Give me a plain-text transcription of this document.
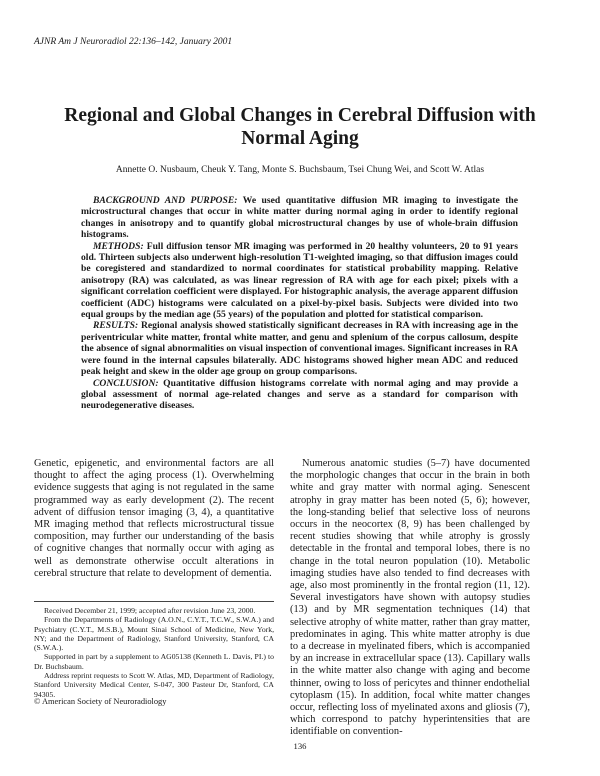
AJNR Am J Neuroradiol 22:136–142, January 2001
Regional and Global Changes in Cerebral Diffusion with
Normal Aging
Annette O. Nusbaum, Cheuk Y. Tang, Monte S. Buchsbaum, Tsei Chung Wei, and Scott W. Atlas

BACKGROUND AND PURPOSE: We used quantitative diffusion MR imaging to investigate the microstructural changes that occur in white matter during normal aging in order to identify regional changes in anisotropy and to quantify global microstructural changes by use of whole-brain diffusion histograms.

METHODS: Full diffusion tensor MR imaging was performed in 20 healthy volunteers, 20 to 91 years old. Thirteen subjects also underwent high-resolution T1-weighted imaging, so that diffusion images could be coregistered and standardized to normal coordinates for statistical probability mapping. Relative anisotropy (RA) was calculated, as was linear regression of RA with age for each pixel; pixels with a significant correlation coefficient were displayed. For histographic analysis, the average apparent diffusion coefficient (ADC) histograms were calculated on a pixel-by-pixel basis. Subjects were divided into two equal groups by the median age (55 years) of the population and plotted for statistical comparison.

RESULTS: Regional analysis showed statistically significant decreases in RA with increasing age in the periventricular white matter, frontal white matter, and genu and splenium of the corpus callosum, despite the absence of signal abnormalities on visual inspection of conventional images. Significant increases in RA were found in the internal capsules bilaterally. ADC histograms showed higher mean ADC and reduced peak height and skew in the older age group on group comparisons.

CONCLUSION: Quantitative diffusion histograms correlate with normal aging and may provide a global assessment of normal age-related changes and serve as a standard for comparison with neurodegenerative diseases.

Genetic, epigenetic, and environmental factors are all thought to affect the aging process (1). Overwhelming evidence suggests that aging is not regulated in the same programmed way as early development (2). The recent advent of diffusion tensor imaging (3, 4), a quantitative MR imaging method that reflects microstructural tissue composition, may further our understanding of the basis of cognitive changes that normally occur with aging as well as demonstrate otherwise occult alterations in cerebral structure that relate to development of dementia.

Numerous anatomic studies (5–7) have documented the morphologic changes that occur in the brain in both white and gray matter with normal aging. Senescent atrophy in gray matter has been noted (5, 6); however, the long-standing belief that selective loss of neurons occurs in the neocortex (8, 9) has been challenged by recent studies showing that while atrophy is grossly detectable in the frontal and temporal lobes, there is no change in the total neuron population (10). Metabolic imaging studies have also tended to find decreases with age, also most prominently in the frontal region (11, 12). Several investigators have shown with autopsy studies (13) and by MR segmentation techniques (14) that selective atrophy of white matter, rather than gray matter, predominates in aging. This white matter atrophy is due to a decrease in myelinated fibers, which is accompanied by an increase in extracellular space (13). Capillary walls in the white matter also change with aging and become thinner, owing to loss of pericytes and thinner endothelial cytoplasm (15). In addition, focal white matter changes occur, reflecting loss of myelinated axons and gliosis (7), which correspond to patchy hyperintensities that are identifiable on convention-

Received December 21, 1999; accepted after revision June 23, 2000.

From the Departments of Radiology (A.O.N., C.Y.T., T.C.W., S.W.A.) and Psychiatry (C.Y.T., M.S.B.), Mount Sinai School of Medicine, New York, NY; and the Department of Radiology, Stanford University, Stanford, CA (S.W.A.).

Supported in part by a supplement to AG05138 (Kenneth L. Davis, PI.) to Dr. Buchsbaum.

Address reprint requests to Scott W. Atlas, MD, Department of Radiology, Stanford University Medical Center, S-047, 300 Pasteur Dr, Stanford, CA 94305.

© American Society of Neuroradiology
136
